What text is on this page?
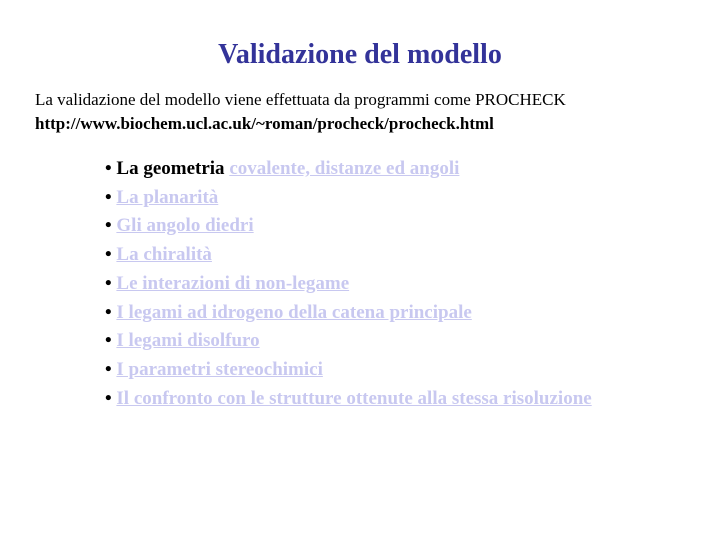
Validazione del modello
La validazione del modello viene effettuata da programmi come PROCHECK
http://www.biochem.ucl.ac.uk/~roman/procheck/procheck.html
• La geometria covalente, distanze ed angoli
• La planarità
• Gli angolo diedri
• La chiralità
• Le interazioni di non-legame
• I legami ad idrogeno della catena principale
• I legami disolfuro
• I parametri stereochimici
• Il confronto con le strutture ottenute alla stessa risoluzione
